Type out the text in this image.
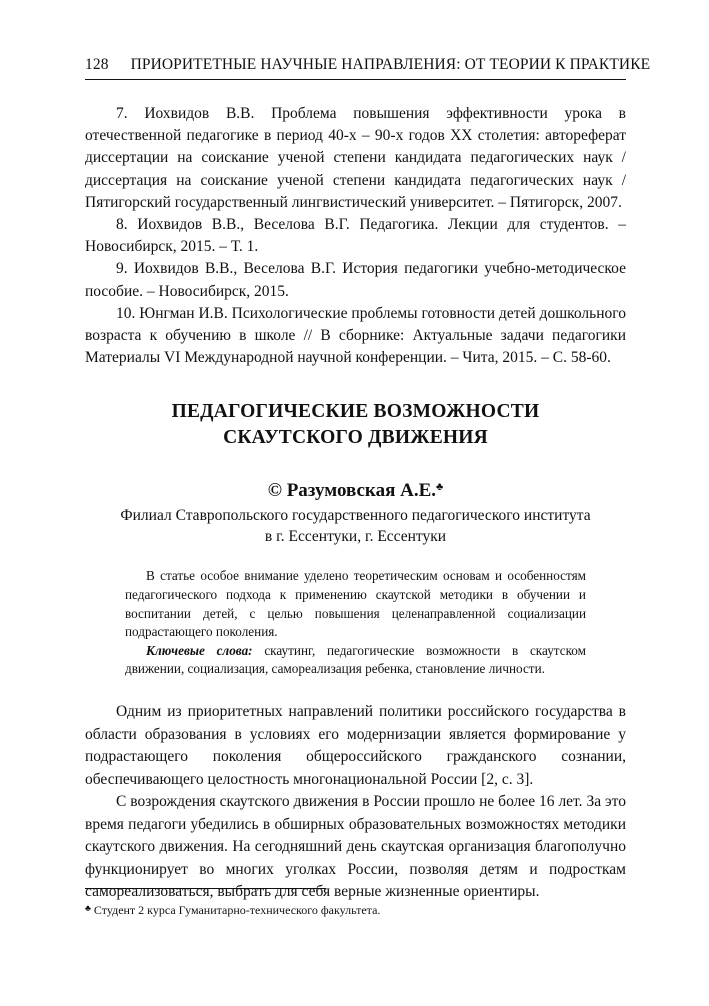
128 ПРИОРИТЕТНЫЕ НАУЧНЫЕ НАПРАВЛЕНИЯ: ОТ ТЕОРИИ К ПРАКТИКЕ

7. Иохвидов В.В. Проблема повышения эффективности урока в отечественной педагогике в период 40-х – 90-х годов XX столетия: автореферат диссертации на соискание ученой степени кандидата педагогических наук / диссертация на соискание ученой степени кандидата педагогических наук / Пятигорский государственный лингвистический университет. – Пятигорск, 2007.

8. Иохвидов В.В., Веселова В.Г. Педагогика. Лекции для студентов. – Новосибирск, 2015. – Т. 1.

9. Иохвидов В.В., Веселова В.Г. История педагогики учебно-методическое пособие. – Новосибирск, 2015.

10. Юнгман И.В. Психологические проблемы готовности детей дошкольного возраста к обучению в школе // В сборнике: Актуальные задачи педагогики Материалы VI Международной научной конференции. – Чита, 2015. – С. 58-60.

ПЕДАГОГИЧЕСКИЕ ВОЗМОЖНОСТИ
СКАУТСКОГО ДВИЖЕНИЯ
© Разумовская А.Е.♣
Филиал Ставропольского государственного педагогического института
в г. Ессентуки, г. Ессентуки

В статье особое внимание уделено теоретическим основам и особенностям педагогического подхода к применению скаутской методики в обучении и воспитании детей, с целью повышения целенаправленной социализации подрастающего поколения.

Ключевые слова: скаутинг, педагогические возможности в скаутском движении, социализация, самореализация ребенка, становление личности.

Одним из приоритетных направлений политики российского государства в области образования в условиях его модернизации является формирование у подрастающего поколения общероссийского гражданского сознании, обеспечивающего целостность многонациональной России [2, с. 3].

С возрождения скаутского движения в России прошло не более 16 лет. За это время педагоги убедились в обширных образовательных возможностях методики скаутского движения. На сегодняшний день скаутская организация благополучно функционирует во многих уголках России, позволяя детям и подросткам самореализоваться, выбрать для себя верные жизненные ориентиры.

♣ Студент 2 курса Гуманитарно-технического факультета.
